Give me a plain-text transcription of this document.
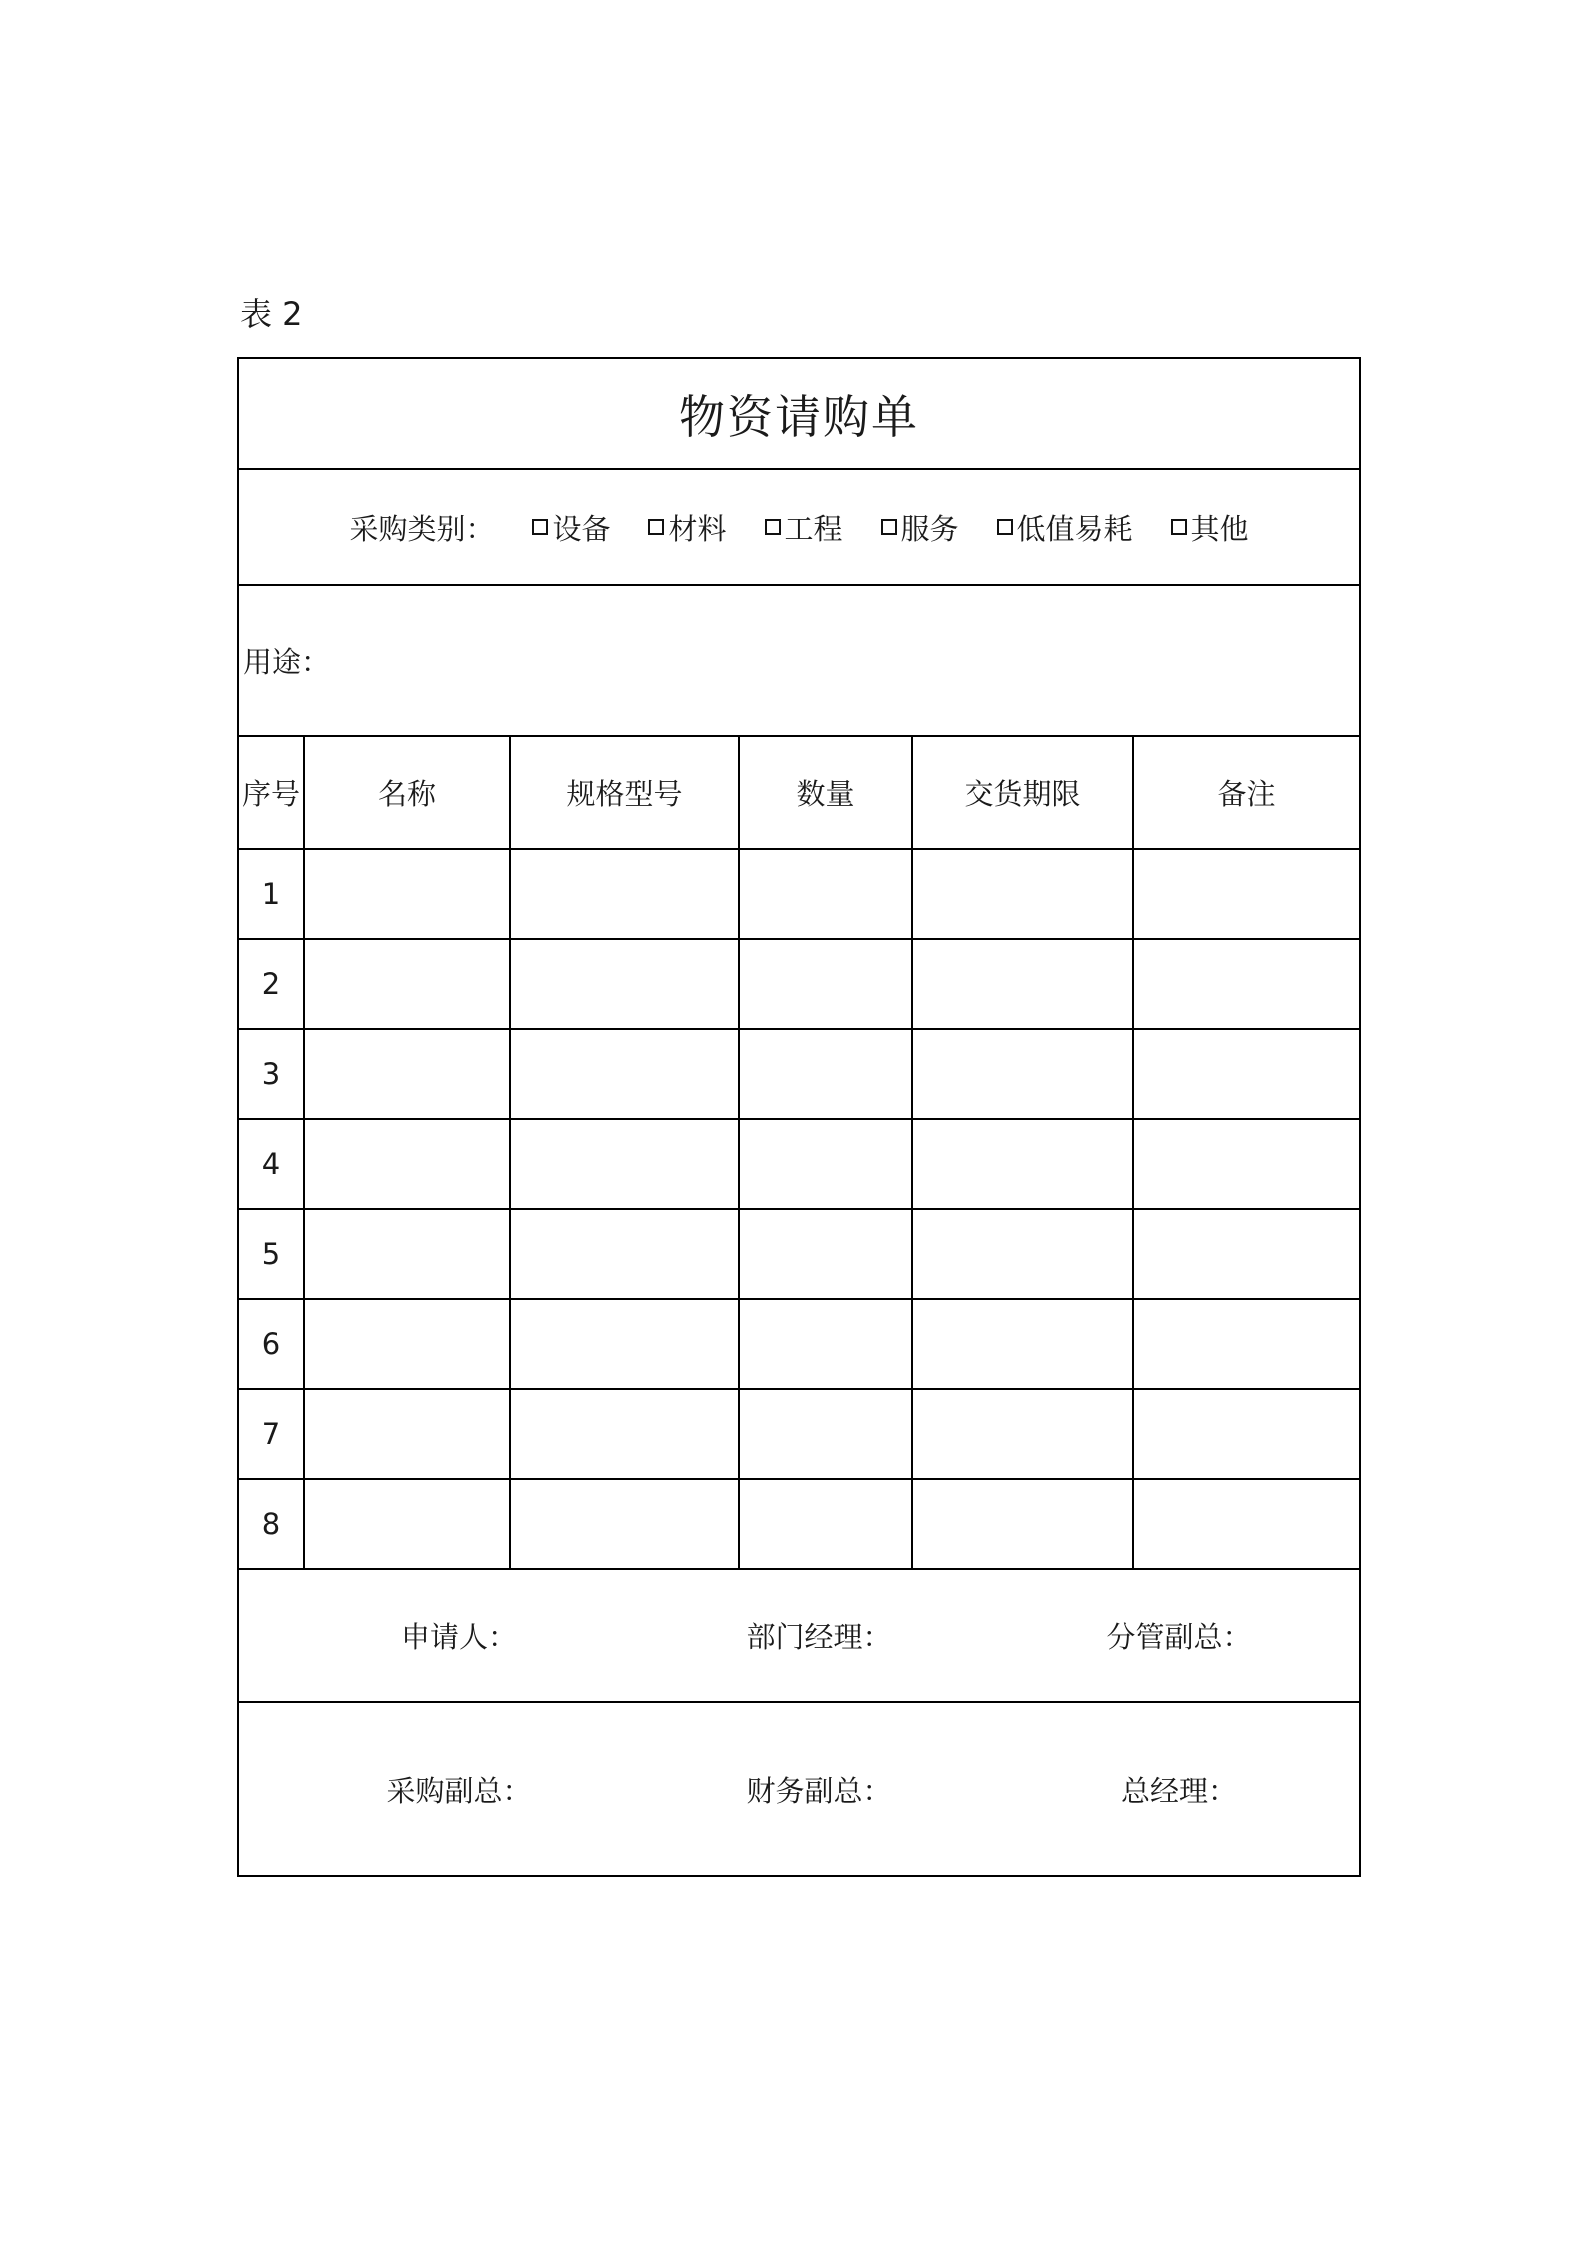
表 2
物资请购单					

采购类别： 设备 材料 工程 服务 低值易耗 其他

用途：					
序号	名称	规格型号	数量	交货期限	备注
1					
2					
3					
4					
5					
6					
7					
8					

申请人： 部门经理： 分管副总：					

采购副总： 财务副总： 总经理：					
